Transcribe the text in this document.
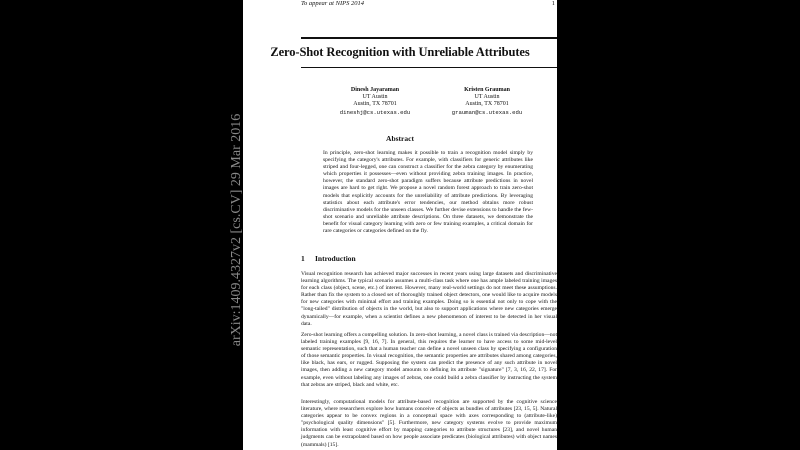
To appear at NIPS 2014	1
Zero-Shot Recognition with Unreliable Attributes
Dinesh Jayaraman
UT Austin
Austin, TX 78701
dineshj@cs.utexas.edu
Kristen Grauman
UT Austin
Austin, TX 78701
grauman@cs.utexas.edu
Abstract
In principle, zero-shot learning makes it possible to train a recognition model simply by specifying the category's attributes. For example, with classifiers for generic attributes like striped and four-legged, one can construct a classifier for the zebra category by enumerating which properties it possesses—even without providing zebra training images. In practice, however, the standard zero-shot paradigm suffers because attribute predictions in novel images are hard to get right. We propose a novel random forest approach to train zero-shot models that explicitly accounts for the unreliability of attribute predictions. By leveraging statistics about each attribute's error tendencies, our method obtains more robust discriminative models for the unseen classes. We further devise extensions to handle the few-shot scenario and unreliable attribute descriptions. On three datasets, we demonstrate the benefit for visual category learning with zero or few training examples, a critical domain for rare categories or categories defined on the fly.
1 Introduction
Visual recognition research has achieved major successes in recent years using large datasets and discriminative learning algorithms. The typical scenario assumes a multi-class task where one has ample labeled training images for each class (object, scene, etc.) of interest. However, many real-world settings do not meet these assumptions. Rather than fix the system to a closed set of thoroughly trained object detectors, one would like to acquire models for new categories with minimal effort and training examples. Doing so is essential not only to cope with the "long-tailed" distribution of objects in the world, but also to support applications where new categories emerge dynamically—for example, when a scientist defines a new phenomenon of interest to be detected in her visual data.
Zero-shot learning offers a compelling solution. In zero-shot learning, a novel class is trained via description—not labeled training examples [9, 16, 7]. In general, this requires the learner to have access to some mid-level semantic representation, such that a human teacher can define a novel unseen class by specifying a configuration of those semantic properties. In visual recognition, the semantic properties are attributes shared among categories, like black, has ears, or rugged. Supposing the system can predict the presence of any such attribute in novel images, then adding a new category model amounts to defining its attribute "signature" [7, 3, 16, 22, 17]. For example, even without labeling any images of zebras, one could build a zebra classifier by instructing the system that zebras are striped, black and white, etc.
Interestingly, computational models for attribute-based recognition are supported by the cognitive science literature, where researchers explore how humans conceive of objects as bundles of attributes [23, 15, 5]. Natural categories appear to be convex regions in a conceptual space with axes corresponding to (attribute-like) "psychological quality dimensions" [5]. Furthermore, new category systems evolve to provide maximum information with least cognitive effort by mapping categories to attribute structures [23], and novel human judgments can be extrapolated based on how people associate predicates (biological attributes) with object names (mammals) [15].
arXiv:1409.4327v2 [cs.CV] 29 Mar 2016
